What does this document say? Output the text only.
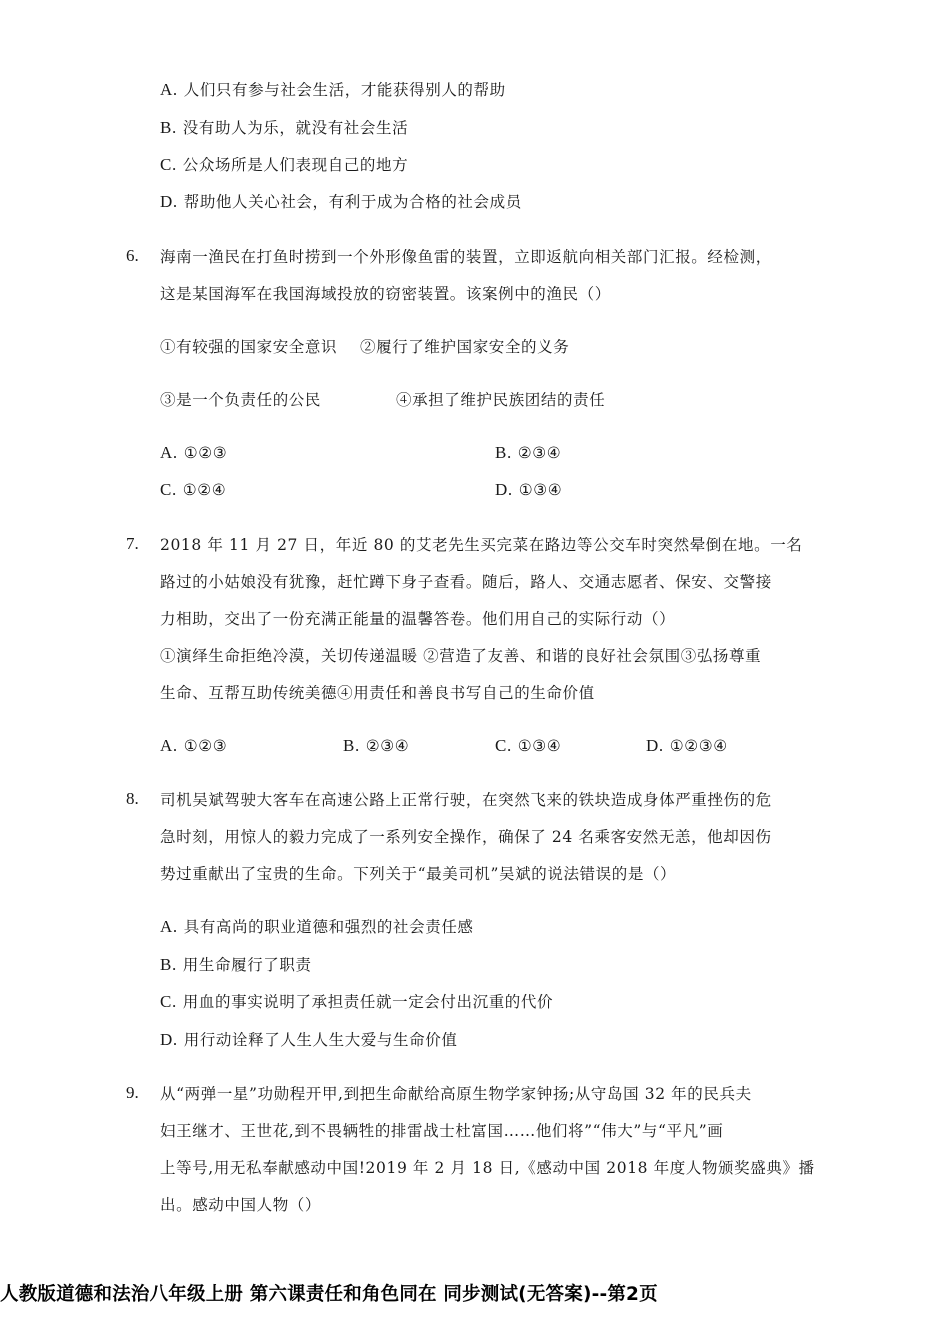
A. 人们只有参与社会生活，才能获得别人的帮助
B. 没有助人为乐，就没有社会生活
C. 公众场所是人们表现自己的地方
D. 帮助他人关心社会，有利于成为合格的社会成员
6. 海南一渔民在打鱼时捞到一个外形像鱼雷的装置，立即返航向相关部门汇报。经检测，
这是某国海军在我国海域投放的窃密装置。该案例中的渔民（）
①有较强的国家安全意识 ②履行了维护国家安全的义务
③是一个负责任的公民	④承担了维护民族团结的责任
A. ①②③	B. ②③④
C. ①②④	D. ①③④
7. 2018 年 11 月 27 日，年近 80 的艾老先生买完菜在路边等公交车时突然晕倒在地。一名
路过的小姑娘没有犹豫，赶忙蹲下身子查看。随后，路人、交通志愿者、保安、交警接
力相助，交出了一份充满正能量的温馨答卷。他们用自己的实际行动（）
①演绎生命拒绝冷漠，关切传递温暖 ②营造了友善、和谐的良好社会氛围③弘扬尊重
生命、互帮互助传统美德④用责任和善良书写自己的生命价值
A. ①②③	B. ②③④	C. ①③④	D. ①②③④
8. 司机吴斌驾驶大客车在高速公路上正常行驶，在突然飞来的铁块造成身体严重挫伤的危
急时刻，用惊人的毅力完成了一系列安全操作，确保了 24 名乘客安然无恙，他却因伤
势过重献出了宝贵的生命。下列关于“最美司机”吴斌的说法错误的是（）
A. 具有高尚的职业道德和强烈的社会责任感
B. 用生命履行了职责
C. 用血的事实说明了承担责任就一定会付出沉重的代价
D. 用行动诠释了人生人生大爱与生命价值
9. 从“两弹一星”功勋程开甲,到把生命献给高原生物学家钟扬;从守岛国 32 年的民兵夫
妇王继才、王世花,到不畏辆牲的排雷战士杜富国……他们将”“伟大”与“平凡”画
上等号,用无私奉献感动中国!2019 年 2 月 18 日,《感动中国 2018 年度人物颁奖盛典》播
出。感动中国人物（）
人教版道德和法治八年级上册 第六课责任和角色同在 同步测试(无答案)--第2页
